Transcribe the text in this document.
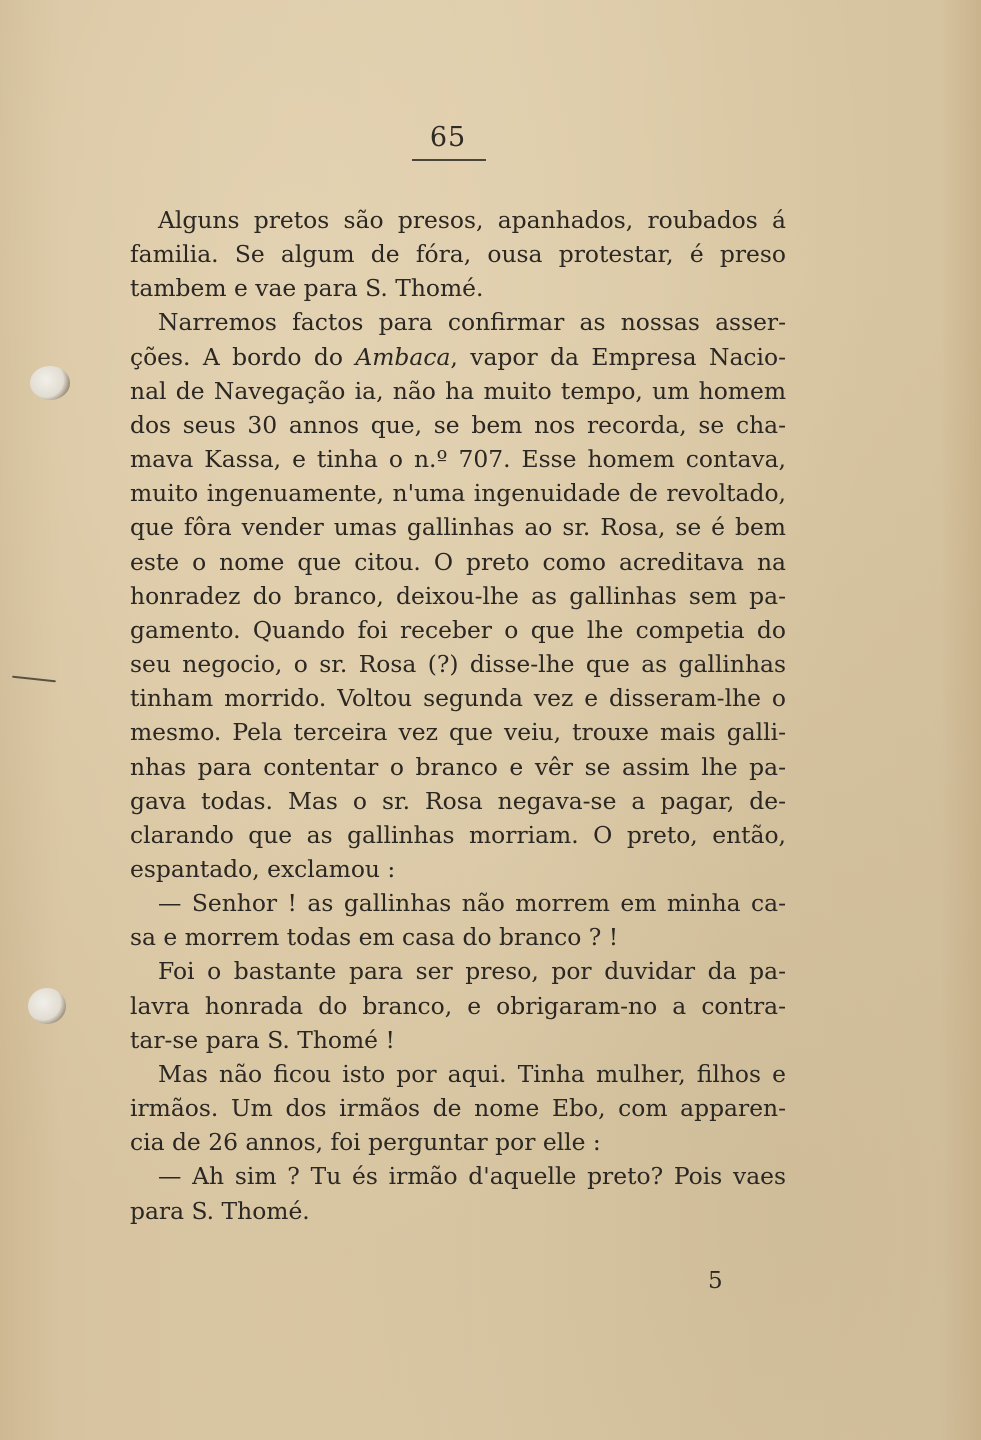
65
Alguns pretos são presos, apanhados, roubados á
familia. Se algum de fóra, ousa protestar, é preso
tambem e vae para S. Thomé.
Narremos factos para confirmar as nossas asser-
ções. A bordo do Ambaca, vapor da Empresa Nacio-
nal de Navegação ia, não ha muito tempo, um homem
dos seus 30 annos que, se bem nos recorda, se cha-
mava Kassa, e tinha o n.º 707. Esse homem contava,
muito ingenuamente, n'uma ingenuidade de revoltado,
que fôra vender umas gallinhas ao sr. Rosa, se é bem
este o nome que citou. O preto como acreditava na
honradez do branco, deixou-lhe as gallinhas sem pa-
gamento. Quando foi receber o que lhe competia do
seu negocio, o sr. Rosa (?) disse-lhe que as gallinhas
tinham morrido. Voltou segunda vez e disseram-lhe o
mesmo. Pela terceira vez que veiu, trouxe mais galli-
nhas para contentar o branco e vêr se assim lhe pa-
gava todas. Mas o sr. Rosa negava-se a pagar, de-
clarando que as gallinhas morriam. O preto, então,
espantado, exclamou :
— Senhor ! as gallinhas não morrem em minha ca-
sa e morrem todas em casa do branco ? !
Foi o bastante para ser preso, por duvidar da pa-
lavra honrada do branco, e obrigaram-no a contra-
tar-se para S. Thomé !
Mas não ficou isto por aqui. Tinha mulher, filhos e
irmãos. Um dos irmãos de nome Ebo, com apparen-
cia de 26 annos, foi perguntar por elle :
— Ah sim ? Tu és irmão d'aquelle preto? Pois vaes
para S. Thomé.
5
